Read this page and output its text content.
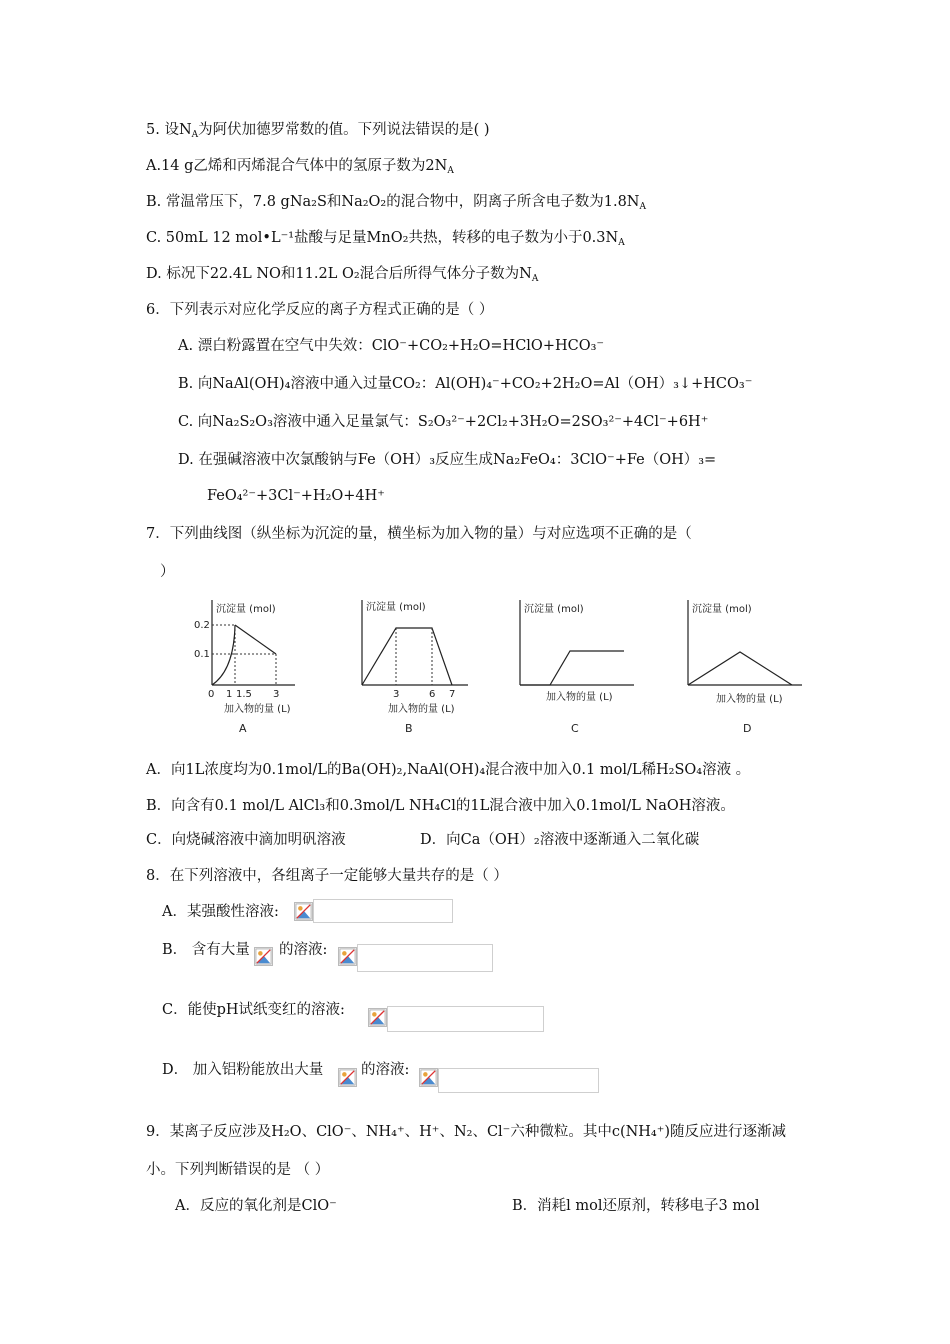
5. 设$N_A$为阿伏加德罗常数的值。下列说法错误的是( )
A.14 g乙烯和丙烯混合气体中的氢原子数为$2N_A$
B. 常温常压下，7.8 gNa₂S和Na₂O₂的混合物中，阴离子所含电子数为$1.8N_A$
C. 50mL 12 mol•L⁻¹盐酸与足量MnO₂共热，转移的电子数为小于$0.3N_A$
D. 标况下22.4L NO和11.2L O₂混合后所得气体分子数为$N_A$
6．下列表示对应化学反应的离子方程式正确的是（ ）
A. 漂白粉露置在空气中失效：ClO⁻+CO₂+H₂O=HClO+HCO₃⁻
B. 向NaAl(OH)₄溶液中通入过量CO₂：Al(OH)₄⁻+CO₂+2H₂O=Al（OH）₃↓+HCO₃⁻
C. 向Na₂S₂O₃溶液中通入足量氯气：S₂O₃²⁻+2Cl₂+3H₂O=2SO₃²⁻+4Cl⁻+6H⁺
D. 在强碱溶液中次氯酸钠与Fe（OH）₃反应生成Na₂FeO₄：3ClO⁻+Fe（OH）₃=
FeO₄²⁻+3Cl⁻+H₂O+4H⁺
7．下列曲线图（纵坐标为沉淀的量，横坐标为加入物的量）与对应选项不正确的是（
）
沉淀量 (mol)
0.2
0.1
0 1 1.5 3
加入物的量 (L)
A
沉淀量 (mol)
3	6 7
加入物的量 (L)
B
沉淀量 (mol)
加入物的量 (L)
C
沉淀量 (mol)
加入物的量 (L)
D
A．向1L浓度均为0.1mol/L的Ba(OH)₂,NaAl(OH)₄混合液中加入0.1 mol/L稀H₂SO₄溶液 。
B．向含有0.1 mol/L AlCl₃和0.3mol/L NH₄Cl的1L混合液中加入0.1mol/L NaOH溶液。
C．向烧碱溶液中滴加明矾溶液	D．向Ca（OH）₂溶液中逐渐通入二氧化碳
8．在下列溶液中，各组离子一定能够大量共存的是（ ）
A．某强酸性溶液:
B． 含有大量 的溶液:
C．能使pH试纸变红的溶液:
D． 加入铝粉能放出大量	的溶液:
9．某离子反应涉及H₂O、ClO⁻、NH₄⁺、H⁺、N₂、Cl⁻六种微粒。其中c(NH₄⁺)随反应进行逐渐减
小。下列判断错误的是 （ ）
A．反应的氧化剂是ClO⁻	B．消耗l mol还原剂，转移电子3 mol
